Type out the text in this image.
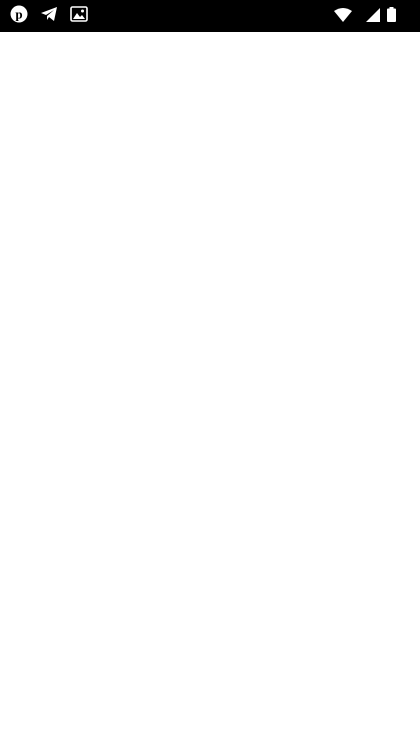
p
